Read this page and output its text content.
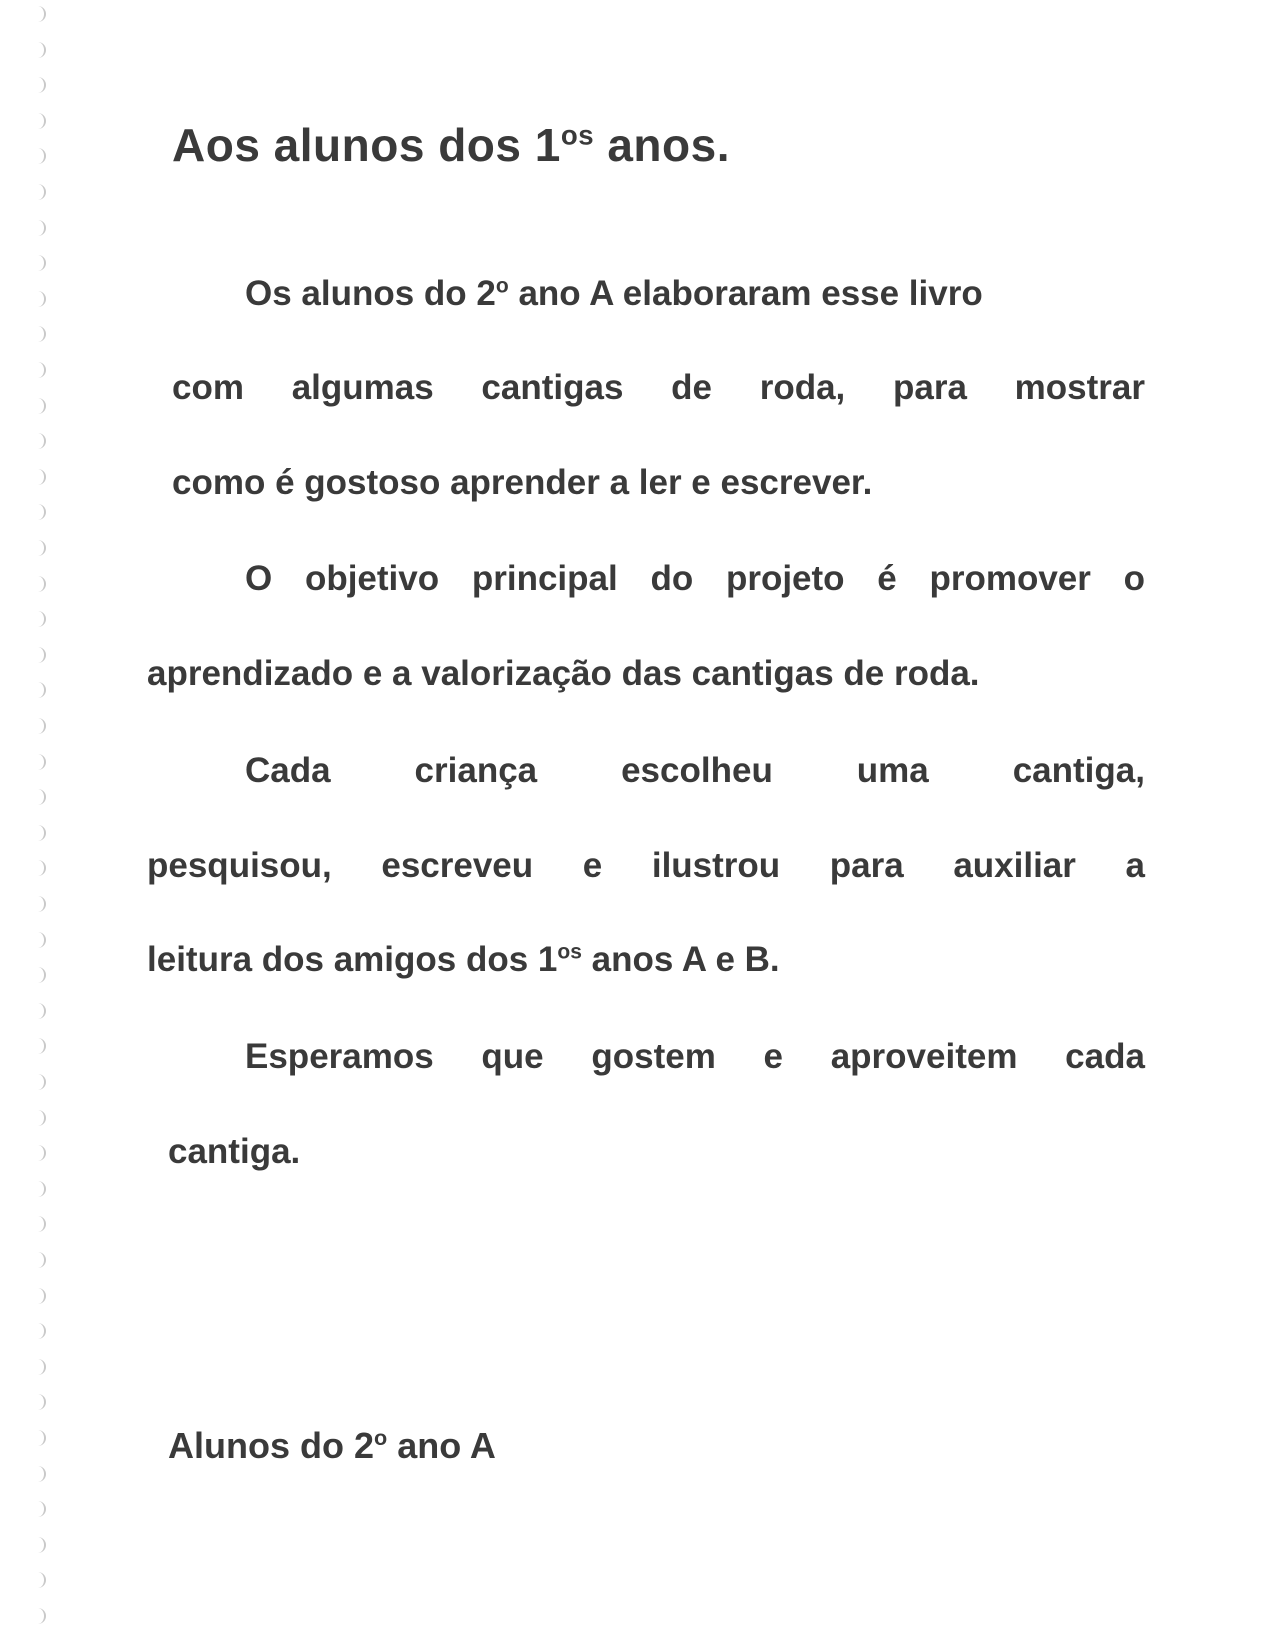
Aos alunos dos $1^{os}$ anos.
Os alunos do 2$^o$ ano A elaboraram esse livro
com algumas cantigas de roda, para mostrar
como é gostoso aprender a ler e escrever.
O objetivo principal do projeto é promover o
aprendizado e a valorização das cantigas de roda.
Cada criança escolheu uma cantiga,
pesquisou, escreveu e ilustrou para auxiliar a
leitura dos amigos dos $1^{os}$ anos A e B.
Esperamos que gostem e aproveitem cada
cantiga.
Alunos do 2$^o$ ano A
